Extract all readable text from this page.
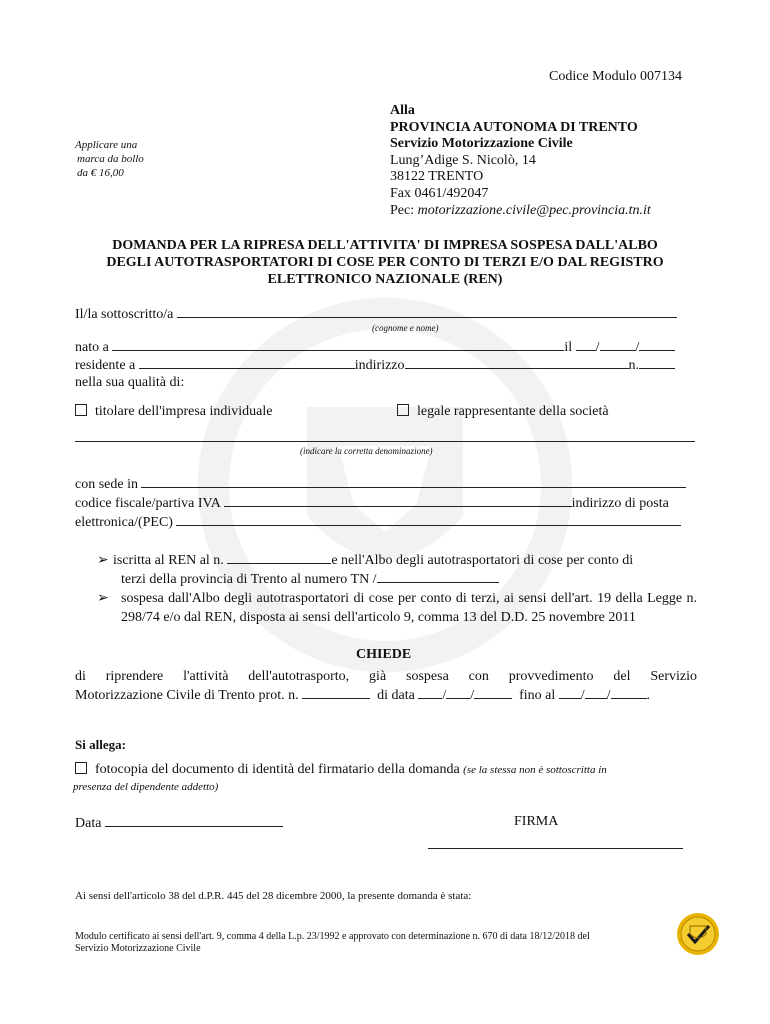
Codice Modulo 007134
Applicare una
marca da bollo
da € 16,00
Alla
PROVINCIA AUTONOMA DI TRENTO
Servizio Motorizzazione Civile
Lung’Adige S. Nicolò, 14
38122 TRENTO
Fax 0461/492047
Pec: motorizzazione.civile@pec.provincia.tn.it
DOMANDA PER LA RIPRESA DELL'ATTIVITA' DI IMPRESA SOSPESA DALL'ALBO
DEGLI AUTOTRASPORTATORI DI COSE PER CONTO DI TERZI E/O DAL REGISTRO
ELETTRONICO NAZIONALE (REN)
Il/la sottoscritto/a
(cognome e nome)
nato a	il /	/
residente a	indirizzo	n.
nella sua qualità di:
titolare dell'impresa individuale	legale rappresentante della società
(indicare la corretta denominazione)
con sede in
codice fiscale/partiva IVA	indirizzo di posta
elettronica/(PEC)
➢ iscritta al REN al n.	e nell'Albo degli autotrasportatori di cose per conto di
terzi della provincia di Trento al numero TN /
➢ sospesa dall'Albo degli autotrasportatori di cose per conto di terzi, ai sensi dell'art. 19 della Legge n. 298/74 e/o dal REN, disposta ai sensi dell'articolo 9, comma 13 del D.D. 25 novembre 2011
CHIEDE
di riprendere l'attività dell'autotrasporto, già sospesa con provvedimento del Servizio
Motorizzazione Civile di Trento prot. n.	di data / /	fino al / /	.
Si allega:
fotocopia del documento di identità del firmatario della domanda (se la stessa non è sottoscritta in
presenza del dipendente addetto)
Data	FIRMA
Ai sensi dell'articolo 38 del d.P.R. 445 del 28 dicembre 2000, la presente domanda è stata:
Modulo certificato ai sensi dell'art. 9, comma 4 della L.p. 23/1992 e approvato con determinazione n. 670 di data 18/12/2018 del
Servizio Motorizzazione Civile
